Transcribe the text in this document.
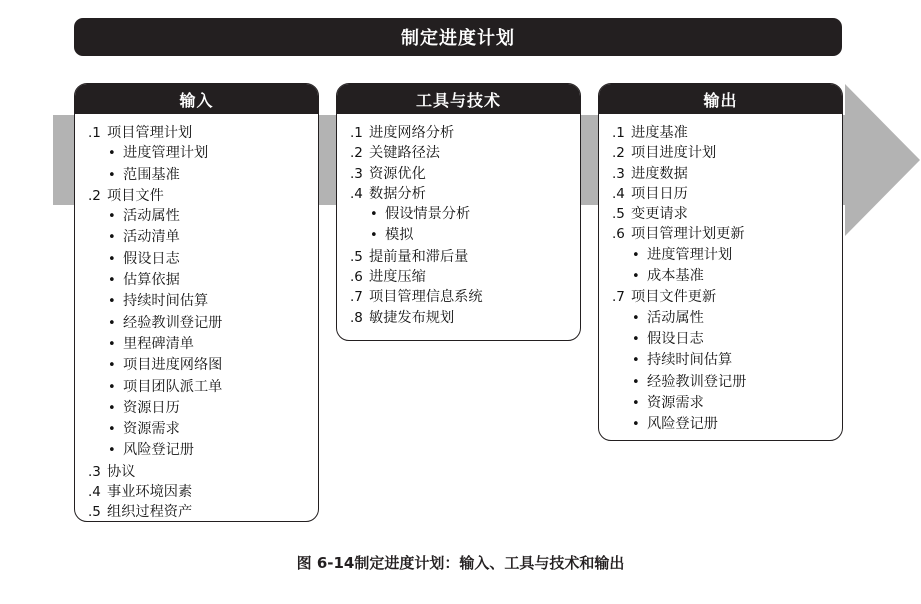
制定进度计划
输入
.1 项目管理计划
• 进度管理计划
• 范围基准
.2 项目文件
• 活动属性
• 活动清单
• 假设日志
• 估算依据
• 持续时间估算
• 经验教训登记册
• 里程碑清单
• 项目进度网络图
• 项目团队派工单
• 资源日历
• 资源需求
• 风险登记册
.3 协议
.4 事业环境因素
.5 组织过程资产
工具与技术
.1 进度网络分析
.2 关键路径法
.3 资源优化
.4 数据分析
• 假设情景分析
• 模拟
.5 提前量和滞后量
.6 进度压缩
.7 项目管理信息系统
.8 敏捷发布规划
输出
.1 进度基准
.2 项目进度计划
.3 进度数据
.4 项目日历
.5 变更请求
.6 项目管理计划更新
• 进度管理计划
• 成本基准
.7 项目文件更新
• 活动属性
• 假设日志
• 持续时间估算
• 经验教训登记册
• 资源需求
• 风险登记册
图 6-14制定进度计划：输入、工具与技术和输出
